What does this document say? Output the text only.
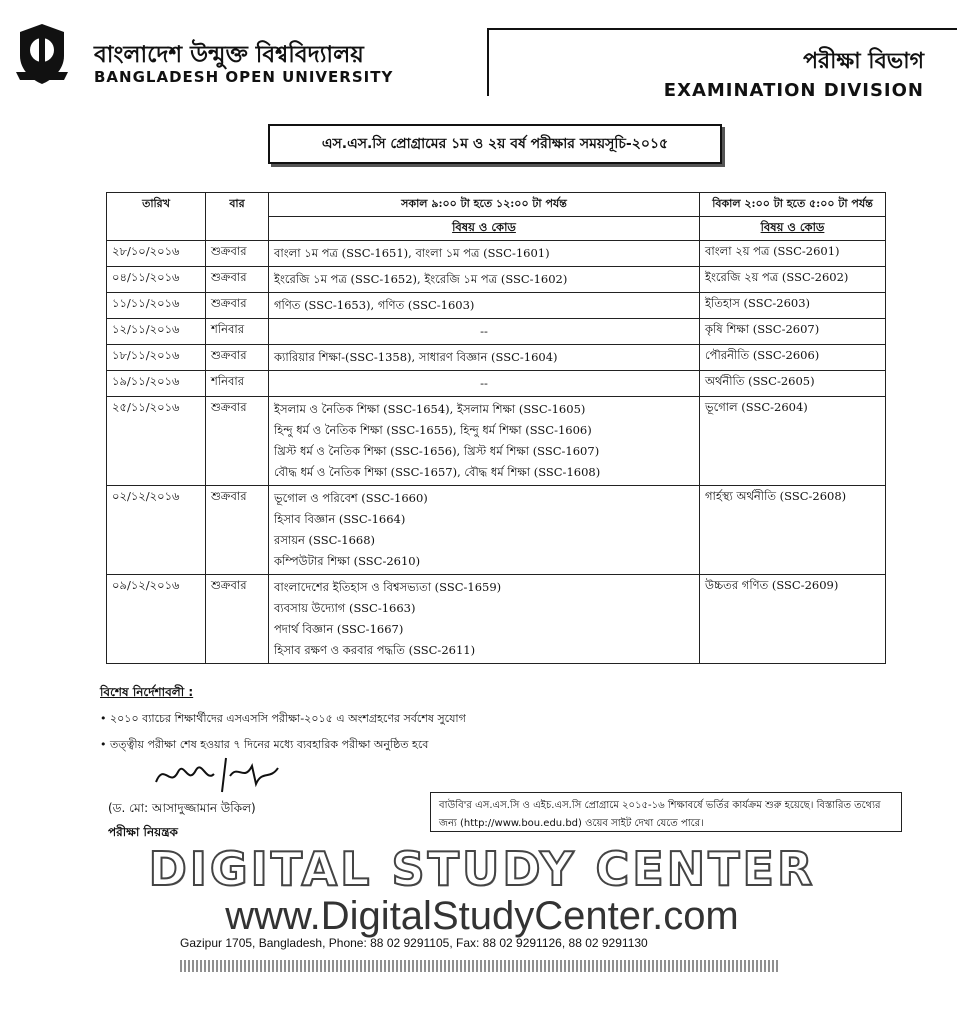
বাংলাদেশ উন্মুক্ত বিশ্ববিদ্যালয়
BANGLADESH OPEN UNIVERSITY
পরীক্ষা বিভাগ
EXAMINATION DIVISION
এস.এস.সি প্রোগ্রামের ১ম ও ২য় বর্ষ পরীক্ষার সময়সূচি-২০১৫
তারিখ	বার	সকাল ৯:০০ টা হতে ১২:০০ টা পর্যন্ত	বিকাল ২:০০ টা হতে ৫:০০ টা পর্যন্ত
		বিষয় ও কোড	বিষয় ও কোড
২৮/১০/২০১৬	শুক্রবার	বাংলা ১ম পত্র (SSC-1651), বাংলা ১ম পত্র (SSC-1601)	বাংলা ২য় পত্র (SSC-2601)
০৪/১১/২০১৬	শুক্রবার	ইংরেজি ১ম পত্র (SSC-1652), ইংরেজি ১ম পত্র (SSC-1602)	ইংরেজি ২য় পত্র (SSC-2602)
১১/১১/২০১৬	শুক্রবার	গণিত (SSC-1653), গণিত (SSC-1603)	ইতিহাস (SSC-2603)
১২/১১/২০১৬	শনিবার	--	কৃষি শিক্ষা (SSC-2607)
১৮/১১/২০১৬	শুক্রবার	ক্যারিয়ার শিক্ষা-(SSC-1358), সাধারণ বিজ্ঞান (SSC-1604)	পৌরনীতি (SSC-2606)
১৯/১১/২০১৬	শনিবার	--	অর্থনীতি (SSC-2605)
২৫/১১/২০১৬	শুক্রবার	ইসলাম ও নৈতিক শিক্ষা (SSC-1654), ইসলাম শিক্ষা (SSC-1605)
হিন্দু ধর্ম ও নৈতিক শিক্ষা (SSC-1655), হিন্দু ধর্ম শিক্ষা (SSC-1606)
খ্রিস্ট ধর্ম ও নৈতিক শিক্ষা (SSC-1656), খ্রিস্ট ধর্ম শিক্ষা (SSC-1607)
বৌদ্ধ ধর্ম ও নৈতিক শিক্ষা (SSC-1657), বৌদ্ধ ধর্ম শিক্ষা (SSC-1608)	ভূগোল (SSC-2604)
০২/১২/২০১৬	শুক্রবার	ভূগোল ও পরিবেশ (SSC-1660)
হিসাব বিজ্ঞান (SSC-1664)
রসায়ন (SSC-1668)
কম্পিউটার শিক্ষা (SSC-2610)	গার্হস্থ্য অর্থনীতি (SSC-2608)
০৯/১২/২০১৬	শুক্রবার	বাংলাদেশের ইতিহাস ও বিশ্বসভ্যতা (SSC-1659)
ব্যবসায় উদ্যোগ (SSC-1663)
পদার্থ বিজ্ঞান (SSC-1667)
হিসাব রক্ষণ ও করবার পদ্ধতি (SSC-2611)	উচ্চতর গণিত (SSC-2609)
বিশেষ নির্দেশাবলী :
• ২০১০ ব্যাচের শিক্ষার্থীদের এসএসসি পরীক্ষা-২০১৫ এ অংশগ্রহণের সর্বশেষ সুযোগ
• তত্ত্বীয় পরীক্ষা শেষ হওয়ার ৭ দিনের মধ্যে ব্যবহারিক পরীক্ষা অনুষ্ঠিত হবে
(ড. মো: আসাদুজ্জামান উকিল)
পরীক্ষা নিয়ন্ত্রক
বাউবি'র এস.এস.সি ও এইচ.এস.সি প্রোগ্রামে ২০১৫-১৬ শিক্ষাবর্ষে ভর্তির কার্যক্রম শুরু হয়েছে। বিস্তারিত তথ্যের জন্য (http://www.bou.edu.bd) ওয়েব সাইট দেখা যেতে পারে।
DIGITAL STUDY CENTER
www.DigitalStudyCenter.com
Gazipur 1705, Bangladesh, Phone: 88 02 9291105, Fax: 88 02 9291126, 88 02 9291130
